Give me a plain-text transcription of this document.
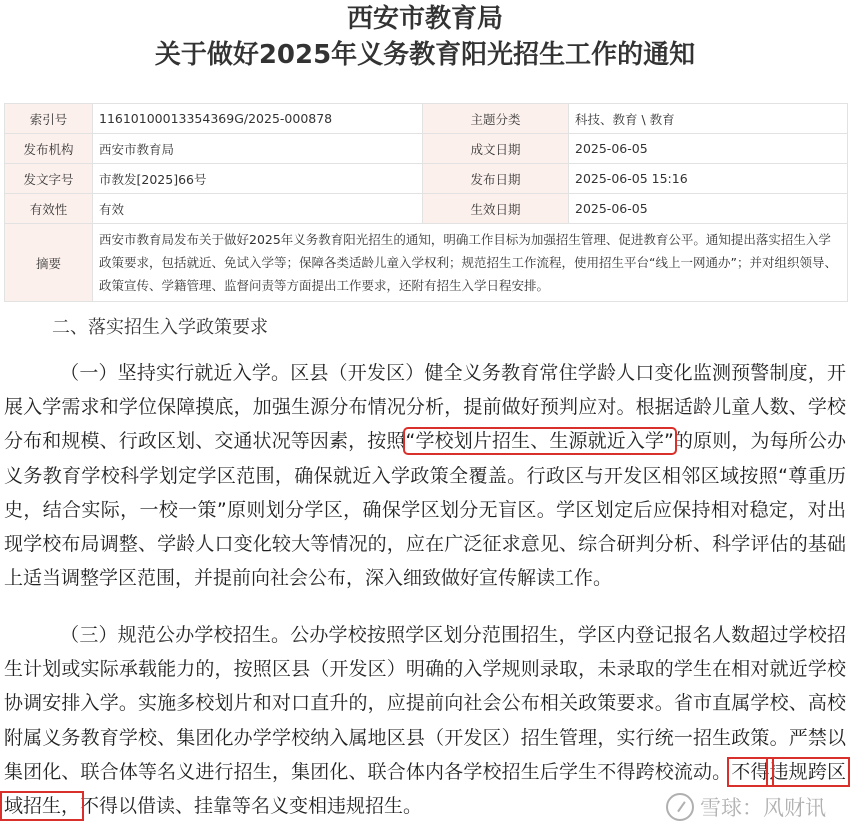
西安市教育局
关于做好2025年义务教育阳光招生工作的通知
索引号	11610100013354369G/2025-000878	主题分类	科技、教育 \ 教育
发布机构	西安市教育局	成文日期	2025-06-05
发文字号	市教发[2025]66号	发布日期	2025-06-05 15:16
有效性	有效	生效日期	2025-06-05
摘要	西安市教育局发布关于做好2025年义务教育阳光招生的通知，明确工作目标为加强招生管理、促进教育公平。通知提出落实招生入学政策要求，包括就近、免试入学等；保障各类适龄儿童入学权利；规范招生工作流程，使用招生平台“线上一网通办”；并对组织领导、政策宣传、学籍管理、监督问责等方面提出工作要求，还附有招生入学日程安排。		
二、落实招生入学政策要求

（一）坚持实行就近入学。区县（开发区）健全义务教育常住学龄人口变化监测预警制度，开展入学需求和学位保障摸底，加强生源分布情况分析，提前做好预判应对。根据适龄儿童人数、学校分布和规模、行政区划、交通状况等因素，按照“学校划片招生、生源就近入学”的原则，为每所公办义务教育学校科学划定学区范围，确保就近入学政策全覆盖。行政区与开发区相邻区域按照“尊重历史，结合实际，一校一策”原则划分学区，确保学区划分无盲区。学区划定后应保持相对稳定，对出现学校布局调整、学龄人口变化较大等情况的，应在广泛征求意见、综合研判分析、科学评估的基础上适当调整学区范围，并提前向社会公布，深入细致做好宣传解读工作。

（三）规范公办学校招生。公办学校按照学区划分范围招生，学区内登记报名人数超过学校招生计划或实际承载能力的，按照区县（开发区）明确的入学规则录取，未录取的学生在相对就近学校协调安排入学。实施多校划片和对口直升的，应提前向社会公布相关政策要求。省市直属学校、高校附属义务教育学校、集团化办学学校纳入属地区县（开发区）招生管理，实行统一招生政策。严禁以集团化、联合体等名义进行招生，集团化、联合体内各学校招生后学生不得跨校流动。不得违规跨区域招生，不得以借读、挂靠等名义变相违规招生。	雪球：风财讯
